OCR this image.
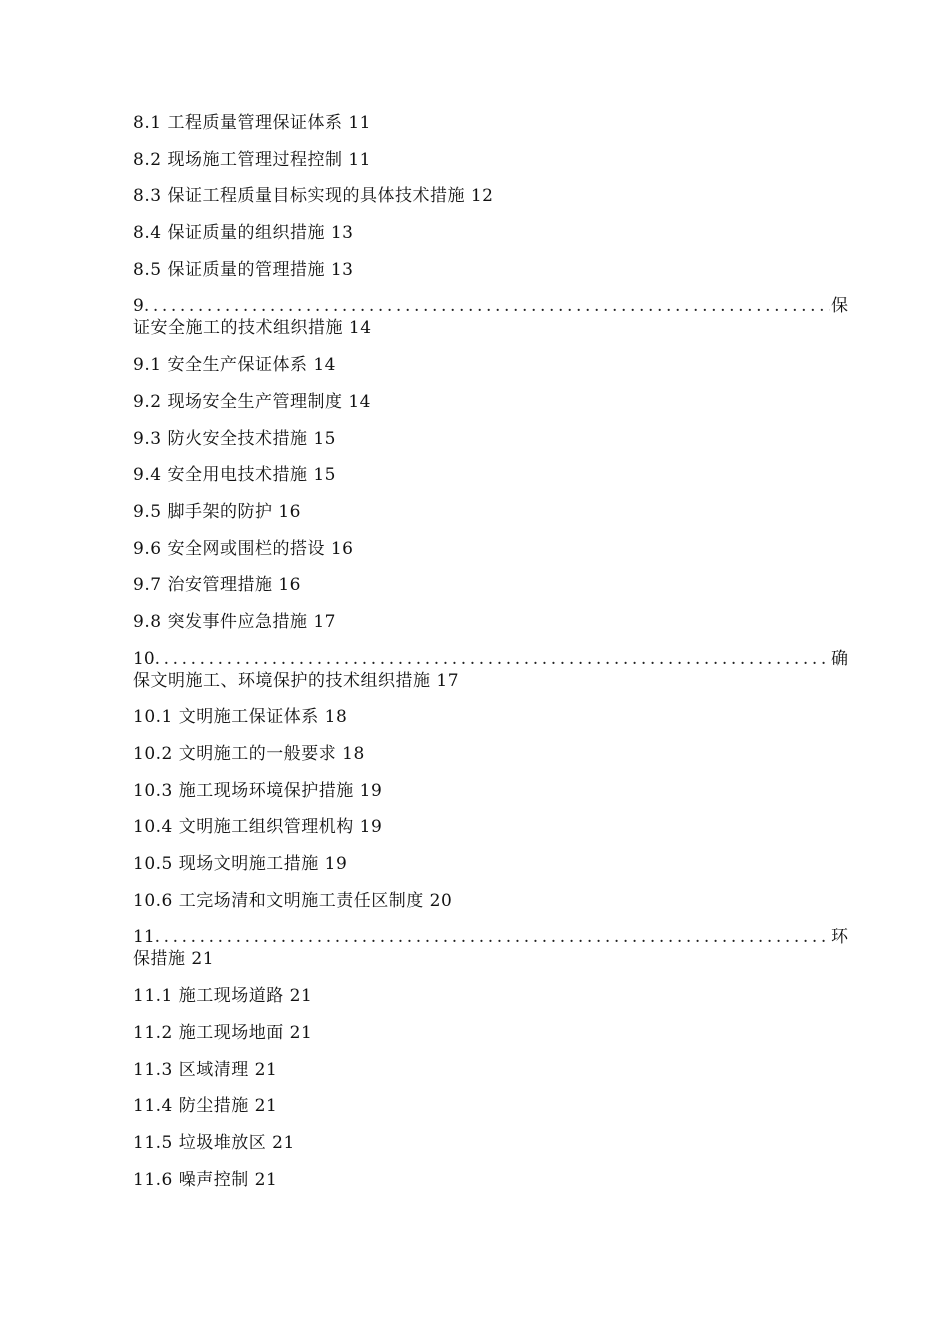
8.1 工程质量管理保证体系 11
8.2 现场施工管理过程控制 11
8.3 保证工程质量目标实现的具体技术措施 12
8.4 保证质量的组织措施 13
8.5 保证质量的管理措施 13
9 .....	保
证安全施工的技术组织措施 14
9.1 安全生产保证体系 14
9.2 现场安全生产管理制度 14
9.3 防火安全技术措施 15
9.4 安全用电技术措施 15
9.5 脚手架的防护 16
9.6 安全网或围栏的搭设 16
9.7 治安管理措施 16
9.8 突发事件应急措施 17
10 .....	确
保文明施工、环境保护的技术组织措施 17
10.1 文明施工保证体系 18
10.2 文明施工的一般要求 18
10.3 施工现场环境保护措施 19
10.4 文明施工组织管理机构 19
10.5 现场文明施工措施 19
10.6 工完场清和文明施工责任区制度 20
11 .....	环
保措施 21
11.1 施工现场道路 21
11.2 施工现场地面 21
11.3 区域清理 21
11.4 防尘措施 21
11.5 垃圾堆放区 21
11.6 噪声控制 21
